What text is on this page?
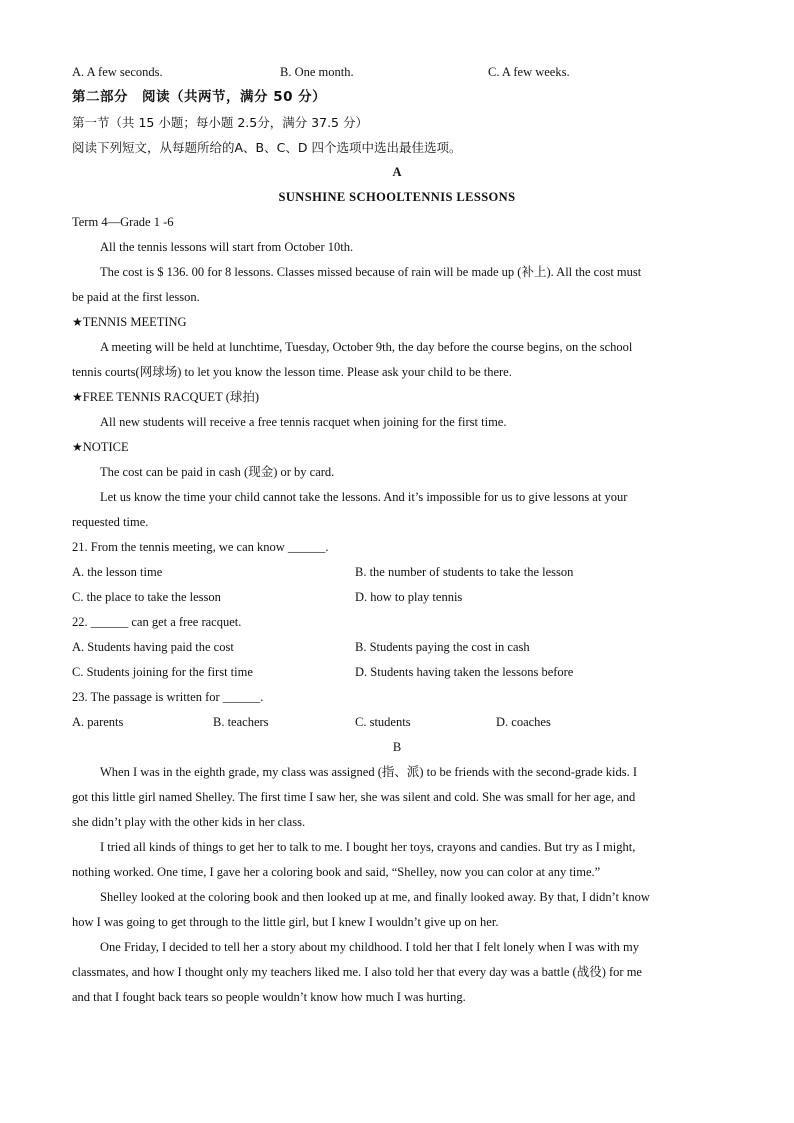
A. A few seconds.	B. One month.	C. A few weeks.
第二部分　阅读（共两节，满分 50 分）
第一节（共 15 小题；每小题 2.5分，满分 37.5 分）
阅读下列短文，从每题所给的A、B、C、D 四个选项中选出最佳选项。
A
SUNSHINE SCHOOLTENNIS LESSONS
Term 4—Grade 1 -6
All the tennis lessons will start from October 10th.
The cost is $ 136. 00 for 8 lessons. Classes missed because of rain will be made up (补上). All the cost must
be paid at the first lesson.
★TENNIS MEETING
A meeting will be held at lunchtime, Tuesday, October 9th, the day before the course begins, on the school
tennis courts(网球场) to let you know the lesson time. Please ask your child to be there.
★FREE TENNIS RACQUET (球拍)
All new students will receive a free tennis racquet when joining for the first time.
★NOTICE
The cost can be paid in cash (现金) or by card.
Let us know the time your child cannot take the lessons. And it’s impossible for us to give lessons at your
requested time.
21. From the tennis meeting, we can know ______.
A. the lesson time	B. the number of students to take the lesson
C. the place to take the lesson	D. how to play tennis
22. ______ can get a free racquet.
A. Students having paid the cost	B. Students paying the cost in cash
C. Students joining for the first time	D. Students having taken the lessons before
23. The passage is written for ______.
A. parents	B. teachers	C. students	D. coaches
B
When I was in the eighth grade, my class was assigned (指、派) to be friends with the second-grade kids. I
got this little girl named Shelley. The first time I saw her, she was silent and cold. She was small for her age, and
she didn’t play with the other kids in her class.
I tried all kinds of things to get her to talk to me. I bought her toys, crayons and candies. But try as I might,
nothing worked. One time, I gave her a coloring book and said, “Shelley, now you can color at any time.”
Shelley looked at the coloring book and then looked up at me, and finally looked away. By that, I didn’t know
how I was going to get through to the little girl, but I knew I wouldn’t give up on her.
One Friday, I decided to tell her a story about my childhood. I told her that I felt lonely when I was with my
classmates, and how I thought only my teachers liked me. I also told her that every day was a battle (战役) for me
and that I fought back tears so people wouldn’t know how much I was hurting.
